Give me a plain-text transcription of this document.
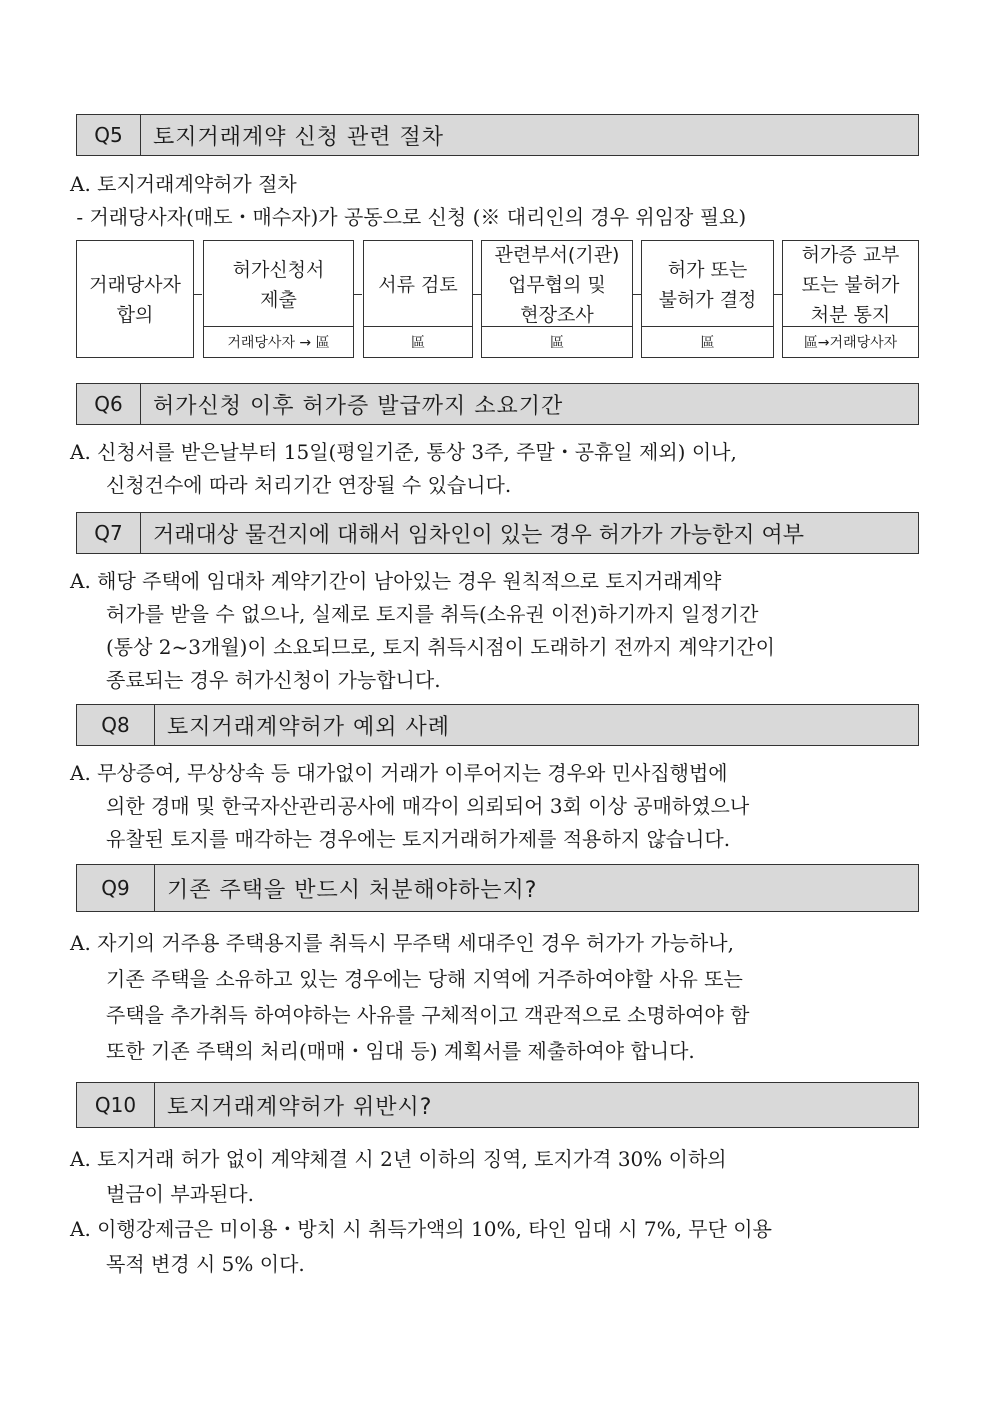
Q5	토지거래계약 신청 관련 절차
A. 토지거래계약허가 절차
- 거래당사자(매도・매수자)가 공동으로 신청 (※ 대리인의 경우 위임장 필요)
거래당사자
합의
허가신청서
제출
거래당사자 → 區
서류 검토
區
관련부서(기관)
업무협의 및
현장조사
區
허가 또는
불허가 결정
區
허가증 교부
또는 불허가
처분 통지
區→거래당사자
Q6	허가신청 이후 허가증 발급까지 소요기간
A. 신청서를 받은날부터 15일(평일기준, 통상 3주, 주말・공휴일 제외) 이나,
신청건수에 따라 처리기간 연장될 수 있습니다.
Q7	거래대상 물건지에 대해서 임차인이 있는 경우 허가가 가능한지 여부
A. 해당 주택에 임대차 계약기간이 남아있는 경우 원칙적으로 토지거래계약
허가를 받을 수 없으나, 실제로 토지를 취득(소유권 이전)하기까지 일정기간
(통상 2~3개월)이 소요되므로, 토지 취득시점이 도래하기 전까지 계약기간이
종료되는 경우 허가신청이 가능합니다.
Q8	토지거래계약허가 예외 사례
A. 무상증여, 무상상속 등 대가없이 거래가 이루어지는 경우와 민사집행법에
의한 경매 및 한국자산관리공사에 매각이 의뢰되어 3회 이상 공매하였으나
유찰된 토지를 매각하는 경우에는 토지거래허가제를 적용하지 않습니다.
Q9	기존 주택을 반드시 처분해야하는지?
A. 자기의 거주용 주택용지를 취득시 무주택 세대주인 경우 허가가 가능하나,
기존 주택을 소유하고 있는 경우에는 당해 지역에 거주하여야할 사유 또는
주택을 추가취득 하여야하는 사유를 구체적이고 객관적으로 소명하여야 함
또한 기존 주택의 처리(매매・임대 등) 계획서를 제출하여야 합니다.
Q10	토지거래계약허가 위반시?
A. 토지거래 허가 없이 계약체결 시 2년 이하의 징역, 토지가격 30% 이하의
벌금이 부과된다.
A. 이행강제금은 미이용・방치 시 취득가액의 10%, 타인 임대 시 7%, 무단 이용
목적 변경 시 5% 이다.
